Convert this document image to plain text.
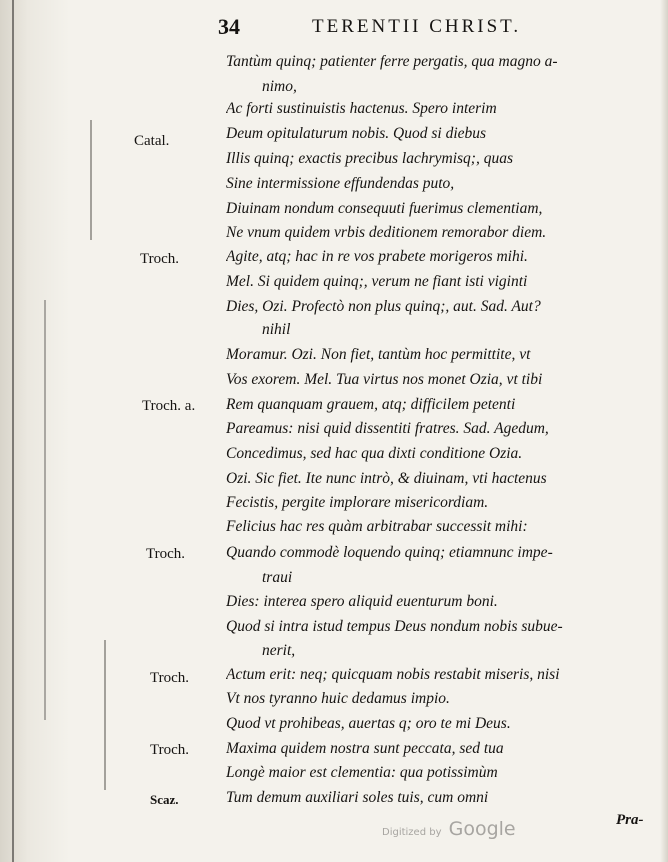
34	TERENTII CHRIST.
Tantùm quinq; patienter ferre pergatis, qua magno a-
nimo,
Ac forti sustinuistis hactenus. Spero interim
Deum opitulaturum nobis. Quod si diebus
Illis quinq; exactis precibus lachrymisq;, quas
Sine intermissione effundendas puto,
Diuinam nondum consequuti fuerimus clementiam,
Ne vnum quidem vrbis deditionem remorabor diem.
Agite, atq; hac in re vos prabete morigeros mihi.
Mel. Si quidem quinq;, verum ne fiant isti viginti
Dies, Ozi. Profectò non plus quinq;, aut. Sad. Aut?
nihil
Moramur. Ozi. Non fiet, tantùm hoc permittite, vt
Vos exorem. Mel. Tua virtus nos monet Ozia, vt tibi
Rem quanquam grauem, atq; difficilem petenti
Pareamus: nisi quid dissentiti fratres. Sad. Agedum,
Concedimus, sed hac qua dixti conditione Ozia.
Ozi. Sic fiet. Ite nunc intrò, & diuinam, vti hactenus
Fecistis, pergite implorare misericordiam.
Felicius hac res quàm arbitrabar successit mihi:
Quando commodè loquendo quinq; etiamnunc impe-
traui
Dies: interea spero aliquid euenturum boni.
Quod si intra istud tempus Deus nondum nobis subue-
nerit,
Actum erit: neq; quicquam nobis restabit miseris, nisi
Vt nos tyranno huic dedamus impio.
Quod vt prohibeas, auertas q; oro te mi Deus.
Maxima quidem nostra sunt peccata, sed tua
Longè maior est clementia: qua potissimùm
Tum demum auxiliari soles tuis, cum omni
Catal.
Troch.
Troch. a.
Troch.
Troch.
Troch.
Scaz.
Pra-
Digitized by Google
